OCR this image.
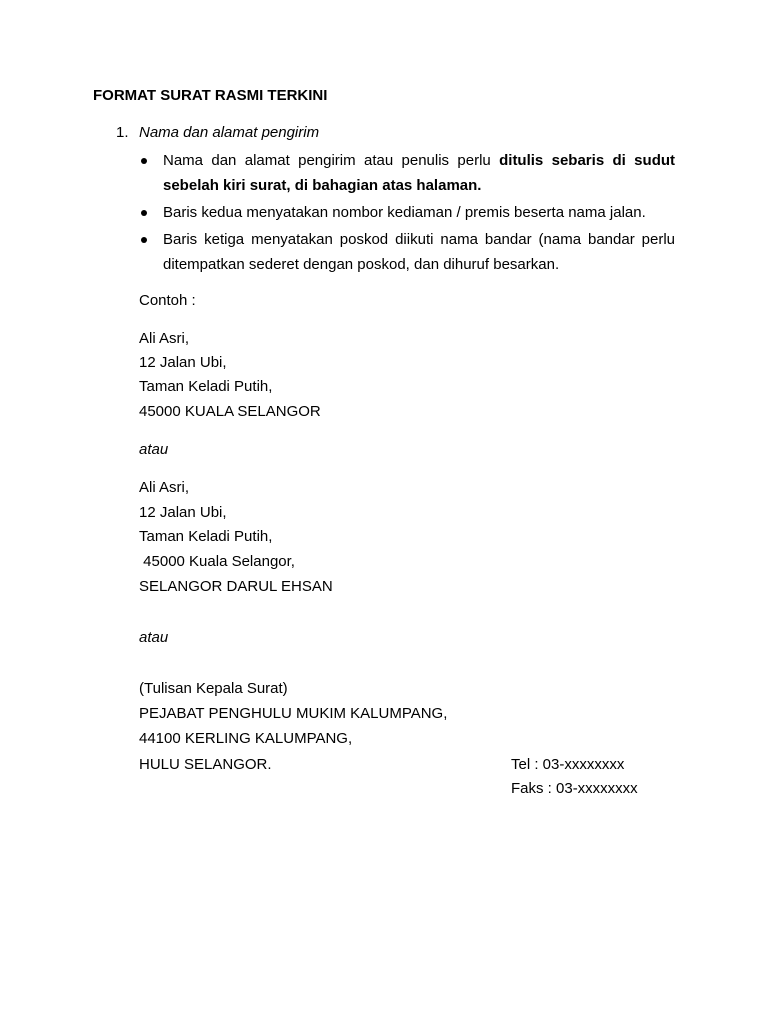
FORMAT SURAT RASMI TERKINI
1. Nama dan alamat pengirim
Nama dan alamat pengirim atau penulis perlu ditulis sebaris di sudut sebelah kiri surat, di bahagian atas halaman.
Baris kedua menyatakan nombor kediaman / premis beserta nama jalan.
Baris ketiga menyatakan poskod diikuti nama bandar (nama bandar perlu ditempatkan sederet dengan poskod, dan dihuruf besarkan.
Contoh :
Ali Asri,
12 Jalan Ubi,
Taman Keladi Putih,
45000 KUALA SELANGOR
atau
Ali Asri,
12 Jalan Ubi,
Taman Keladi Putih,
45000 Kuala Selangor,
SELANGOR DARUL EHSAN
atau
(Tulisan Kepala Surat)
PEJABAT PENGHULU MUKIM KALUMPANG,
44100 KERLING KALUMPANG,
HULU SELANGOR.	Tel : 03-xxxxxxxx
Faks : 03-xxxxxxxx
